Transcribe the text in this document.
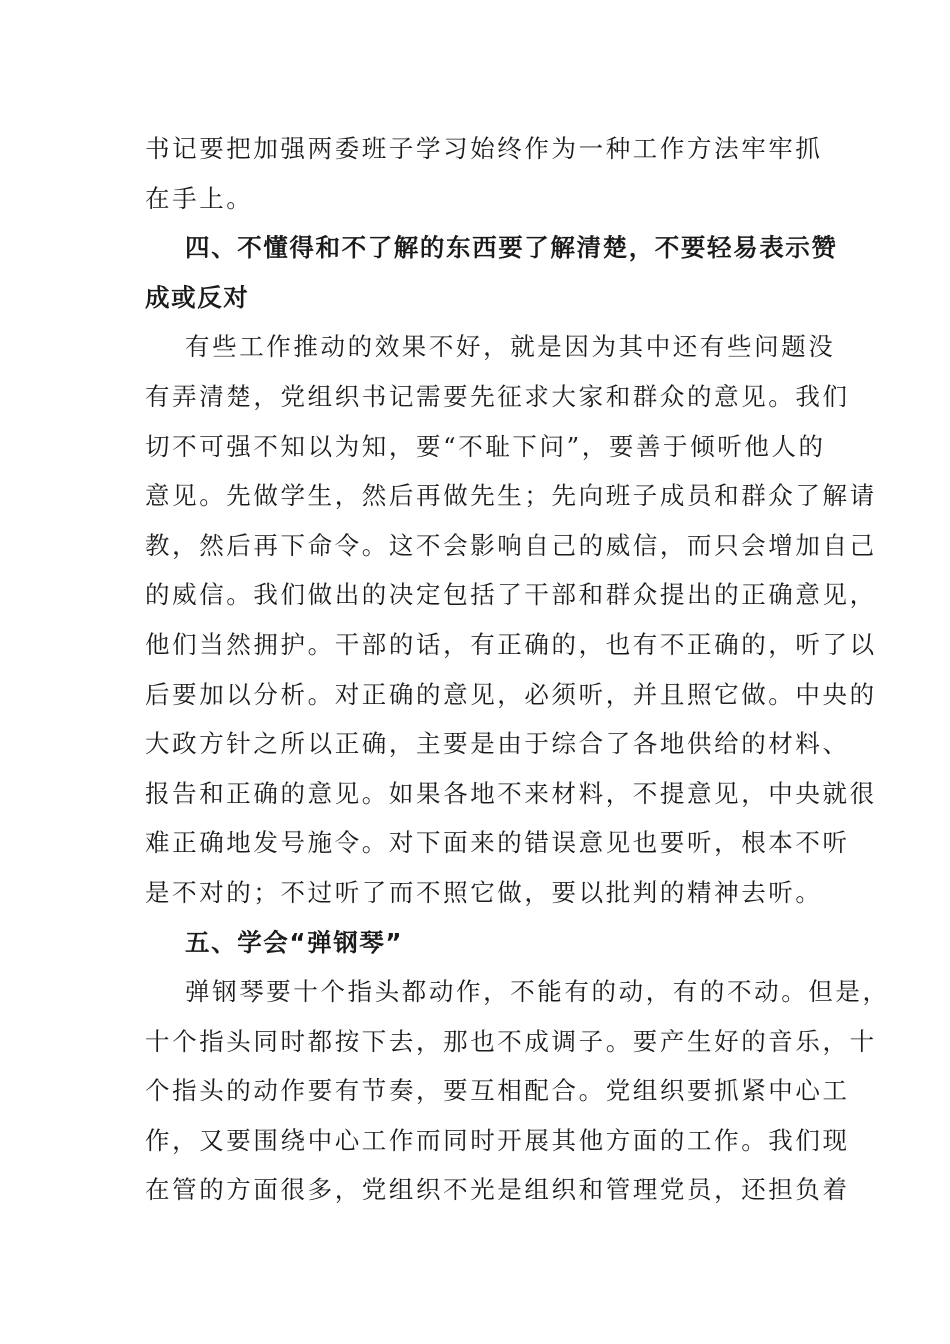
书记要把加强两委班子学习始终作为一种工作方法牢牢抓
在手上。
四、不懂得和不了解的东西要了解清楚，不要轻易表示赞
成或反对
有些工作推动的效果不好，就是因为其中还有些问题没
有弄清楚，党组织书记需要先征求大家和群众的意见。我们
切不可强不知以为知，要“不耻下问”，要善于倾听他人的
意见。先做学生，然后再做先生；先向班子成员和群众了解请
教，然后再下命令。这不会影响自己的威信，而只会增加自己
的威信。我们做出的决定包括了干部和群众提出的正确意见，
他们当然拥护。干部的话，有正确的，也有不正确的，听了以
后要加以分析。对正确的意见，必须听，并且照它做。中央的
大政方针之所以正确，主要是由于综合了各地供给的材料、
报告和正确的意见。如果各地不来材料，不提意见，中央就很
难正确地发号施令。对下面来的错误意见也要听，根本不听
是不对的；不过听了而不照它做，要以批判的精神去听。
五、学会“弹钢琴”
弹钢琴要十个指头都动作，不能有的动，有的不动。但是，
十个指头同时都按下去，那也不成调子。要产生好的音乐，十
个指头的动作要有节奏，要互相配合。党组织要抓紧中心工
作，又要围绕中心工作而同时开展其他方面的工作。我们现
在管的方面很多，党组织不光是组织和管理党员，还担负着
